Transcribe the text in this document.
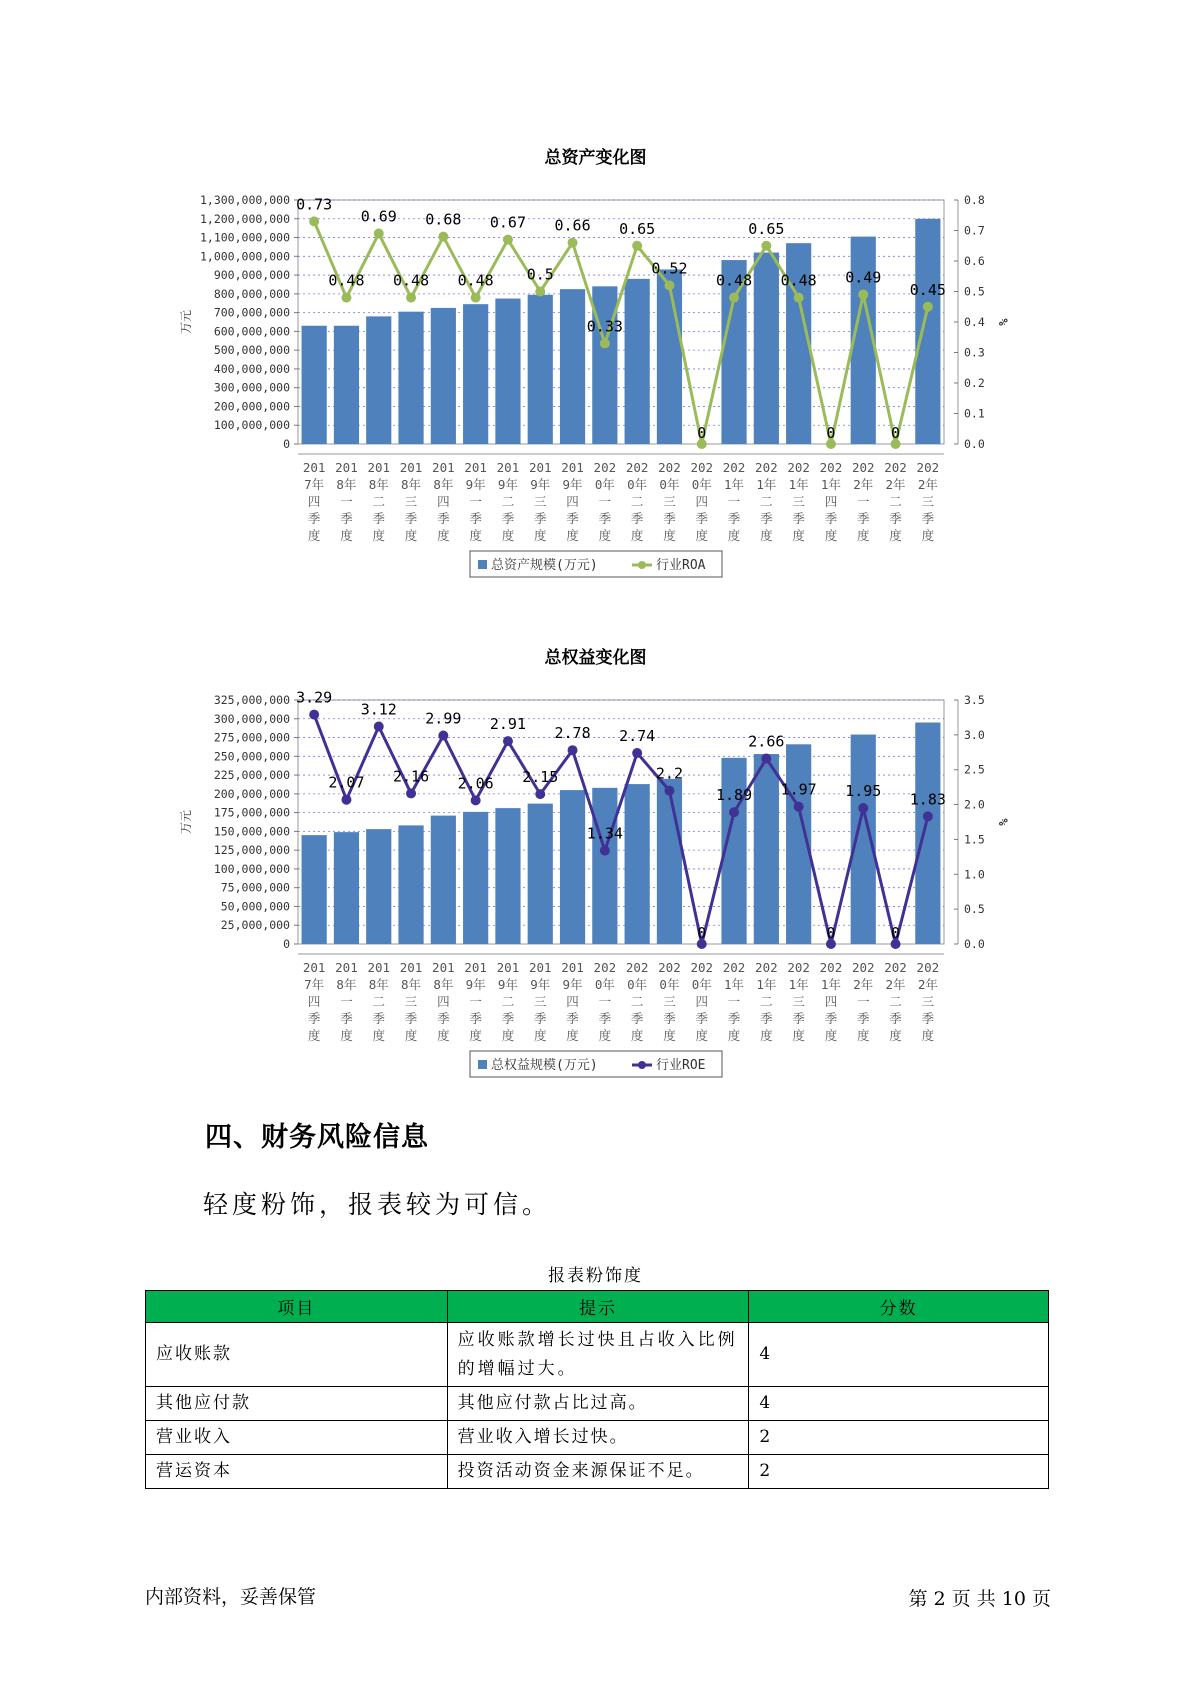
总资产变化图
0
100,000,000
200,000,000
300,000,000
400,000,000
500,000,000
600,000,000
700,000,000
800,000,000
900,000,000
1,000,000,000
1,100,000,000
1,200,000,000
1,300,000,000
0.0
0.1
0.2
0.3
0.4
0.5
0.6
0.7
0.8
万元	%
201
7年
四
季
度
201
8年
一
季
度
201
8年
二
季
度
201
8年
三
季
度
201
8年
四
季
度
201
9年
一
季
度
201
9年
二
季
度
201
9年
三
季
度
201
9年
四
季
度
202
0年
一
季
度
202
0年
二
季
度
202
0年
三
季
度
202
0年
四
季
度
202
1年
一
季
度
202
1年
二
季
度
202
1年
三
季
度
202
1年
四
季
度
202
2年
一
季
度
202
2年
二
季
度
202
2年
三
季
度
0.73
0.48
0.69
0.48
0.68
0.48
0.67
0.5
0.66
0.33
0.65
0.52
0
0.48
0.65
0.48
0
0.49
0
0.45
总资产规模(万元)	行业ROA
总权益变化图
0
25,000,000
50,000,000
75,000,000
100,000,000
125,000,000
150,000,000
175,000,000
200,000,000
225,000,000
250,000,000
275,000,000
300,000,000
325,000,000
0.0
0.5
1.0
1.5
2.0
2.5
3.0
3.5
万元	%
201
7年
四
季
度
201
8年
一
季
度
201
8年
二
季
度
201
8年
三
季
度
201
8年
四
季
度
201
9年
一
季
度
201
9年
二
季
度
201
9年
三
季
度
201
9年
四
季
度
202
0年
一
季
度
202
0年
二
季
度
202
0年
三
季
度
202
0年
四
季
度
202
1年
一
季
度
202
1年
二
季
度
202
1年
三
季
度
202
1年
四
季
度
202
2年
一
季
度
202
2年
二
季
度
202
2年
三
季
度
3.29
2.07
3.12
2.16
2.99
2.06
2.91
2.15
2.78
1.34
2.74
2.2
0
1.89
2.66
1.97
0
1.95
0
1.83
总权益规模(万元)	行业ROE
四、财务风险信息
轻度粉饰，报表较为可信。
报表粉饰度
项目	提示	分数
应收账款	应收账款增长过快且占收入比例的增幅过大。	4
其他应付款	其他应付款占比过高。	4
营业收入	营业收入增长过快。	2
营运资本	投资活动资金来源保证不足。	2
内部资料，妥善保管	第 2 页 共 10 页
